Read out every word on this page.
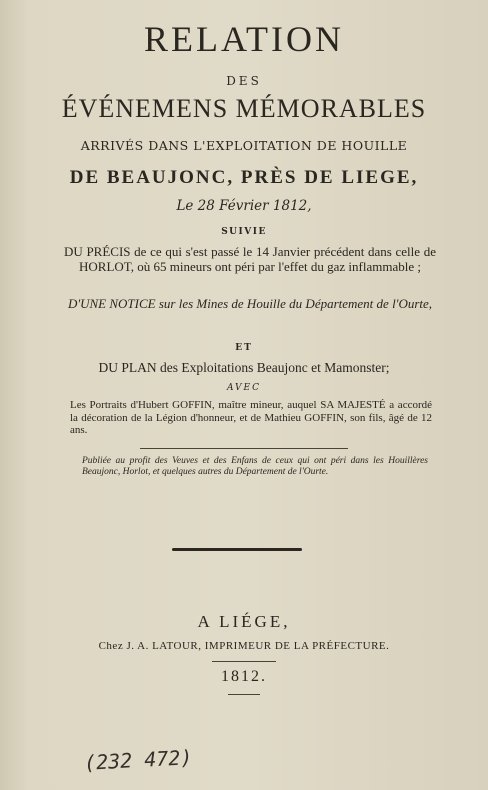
RELATION
DES
ÉVÉNEMENS MÉMORABLES
ARRIVÉS DANS L'EXPLOITATION DE HOUILLE
DE BEAUJONC, PRÈS DE LIEGE,
Le 28 Février 1812,
SUIVIE
DU PRÉCIS de ce qui s'est passé le 14 Janvier précédent dans celle de HORLOT, où 65 mineurs ont péri par l'effet du gaz inflammable ;
D'UNE NOTICE sur les Mines de Houille du Département de l'Ourte,
ET
DU PLAN des Exploitations Beaujonc et Mamonster;
AVEC
Les Portraits d'Hubert GOFFIN, maître mineur, auquel SA MAJESTÉ a accordé la décoration de la Légion d'honneur, et de Mathieu GOFFIN, son fils, âgé de 12 ans.
Publiée au profit des Veuves et des Enfans de ceux qui ont péri dans les Houillères Beaujonc, Horlot, et quelques autres du Département de l'Ourte.
A LIÉGE,
Chez J. A. LATOUR, IMPRIMEUR DE LA PRÉFECTURE.
1812.
(232 472)
